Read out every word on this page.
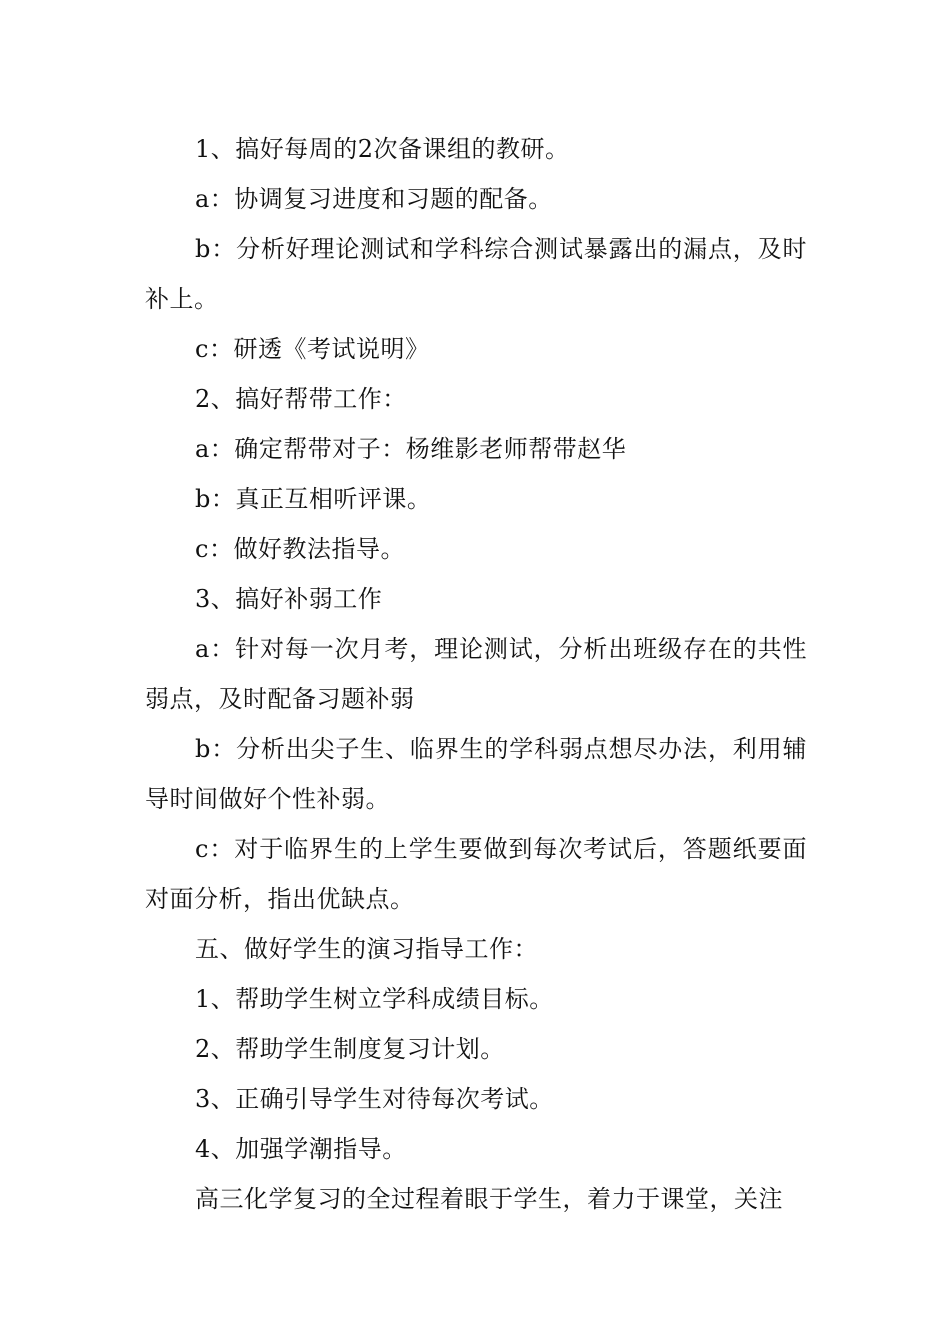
1、搞好每周的2次备课组的教研。

a：协调复习进度和习题的配备。

b：分析好理论测试和学科综合测试暴露出的漏点，及时补上。

c：研透《考试说明》

2、搞好帮带工作：

a：确定帮带对子：杨维影老师帮带赵华

b：真正互相听评课。

c：做好教法指导。

3、搞好补弱工作

a：针对每一次月考，理论测试，分析出班级存在的共性弱点，及时配备习题补弱

b：分析出尖子生、临界生的学科弱点想尽办法，利用辅导时间做好个性补弱。

c：对于临界生的上学生要做到每次考试后，答题纸要面对面分析，指出优缺点。

五、做好学生的演习指导工作：

1、帮助学生树立学科成绩目标。

2、帮助学生制度复习计划。

3、正确引导学生对待每次考试。

4、加强学潮指导。

高三化学复习的全过程着眼于学生，着力于课堂，关注
